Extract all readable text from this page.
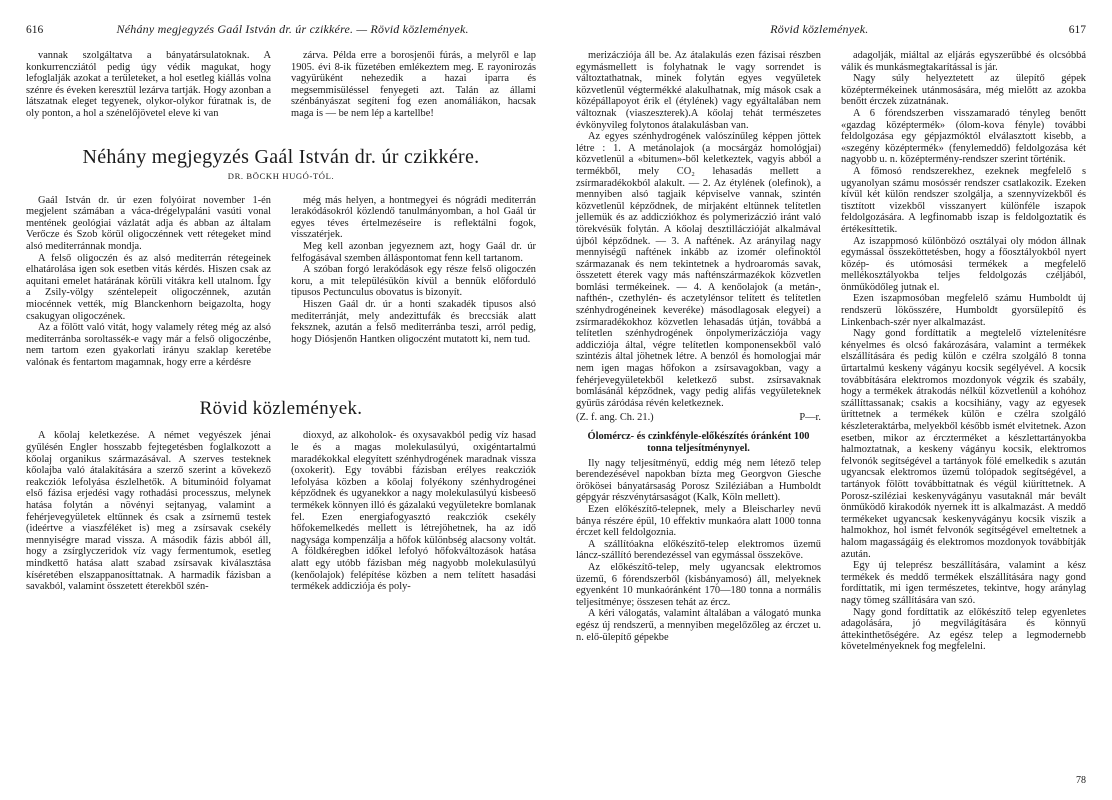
616	Néhány megjegyzés Gaál István dr. úr czikkére. — Rövid közlemények.

vannak szolgáltatva a bányatársulatoknak. A konkurrencziától pedig úgy védik magukat, hogy lefoglalják azokat a területeket, a hol esetleg kiállás volna szénre és éveken keresztül lezárva tartják. Hogy azonban a látszatnak eleget tegyenek, olykor-olykor fúratnak is, de oly ponton, a hol a szénelőjövetel eleve ki van

zárva. Példa erre a borosjenői fúrás, a melyről e lap 1905. évi 8-ik füzetében emlékeztem meg. E rayonirozás vagyürüként nehezedik a hazai iparra és megsemmisüléssel fenyegeti azt. Talán az állami szénbányászat segíteni fog ezen anomáliákon, hacsak maga is — be nem lép a kartellbe!

Néhány megjegyzés Gaál István dr. úr czikkére.
DR. BÖCKH HUGÓ-TÓL.

Gaál István dr. úr ezen folyóirat november 1-én megjelent számában a váca-drégelypaláni vasúti vonal mentének geológiai vázlatát adja és abban az általam Verőcze és Szob körül oligoczénnek vett rétegeket mind alsó mediterránnak mondja.

A felső oligoczén és az alsó mediterrán rétegeinek elhatárolása igen sok esetben vitás kérdés. Hiszen csak az aquitani emelet határának körüli vitákra kell utalnom. Így a Zsily-völgy széntelepeit oligoczénnek, azután miocénnek vették, míg Blanckenhorn beigazolta, hogy csakugyan oligoczének.

Az a fölött való vitát, hogy valamely réteg még az alsó mediterránba soroltassék-e vagy már a felső oligoczénbe, nem tartom ezen gyakorlati irányu szaklap keretébe valónak és fentartom magamnak, hogy erre a kérdésre

még más helyen, a hontmegyei és nógrádi mediterrán lerakódásokról közlendő tanulmányomban, a hol Gaál úr egyes téves értelmezéseire is reflektálni fogok, visszatérjek.

Meg kell azonban jegyeznem azt, hogy Gaál dr. úr felfogásával szemben álláspontomat fenn kell tartanom.

A szóban forgó lerakódások egy része felső oligoczén koru, a mit településükön kívül a bennük előforduló tipusos Pectunculus obovatus is bizonyít.

Hiszen Gaál dr. úr a honti szakadék tipusos alsó mediterránját, mely andezittufák és breccsiák alatt feksznek, azután a felső mediterránba teszi, arról pedig, hogy Diósjenőn Hantken oligoczént mutatott ki, nem tud.

Rövid közlemények.

A kőolaj keletkezése. A német vegyészek jénai gyűlésén Engler hosszabb fejtegetésben foglalkozott a kőolaj organikus származásával. A szerves testeknek kőolajba való átalakítására a szerző szerint a kövekező reakcziók lefolyása észlelhetők. A bituminóid folyamat első fázisa erjedési vagy rothadási processzus, melynek hatása folytán a növényi sejtanyag, valamint a fehérjevegyületek eltűnnek és csak a zsírnemű testek (ideértve a viaszféléket is) meg a zsírsavak csekély mennyiségre marad vissza. A második fázis abból áll, hogy a zsírglyczeridok víz vagy fermentumok, esetleg mindkettő hatása alatt szabad zsírsavak kiválasztása kíséretében elszappanosíttatnak. A harmadik fázisban a savakból, valamint összetett éterekből szén-

dioxyd, az alkoholok- és oxysavakból pedig víz hasad le és a magas molekulasúlyú, oxigéntartalmú maradékokkal elegyített szénhydrogének maradnak vissza (oxokerit). Egy további fázisban erélyes reakcziók lefolyása közben a kőolaj folyékony szénhydrogénei képződnek és ugyanekkor a nagy molekulasúlyú kisbeeső termékek könnyen illó és gázalakú vegyületekre bomlanak fel. Ezen energiafogyasztó reakcziók csekély hőfokemelkedés mellett is létrejöhetnek, ha az idő nagysága kompenzálja a hőfok különbség alacsony voltát. A földkéregben időkel lefolyó hőfokváltozások hatása alatt egy utóbb fázisban még nagyobb molekulasúlyú (kenőolajok) felépítése közben a nem telített hasadási termékek addicziója és poly-

Rövid közlemények.	617

merizácziója áll be. Az átalakulás ezen fázisai részben egymásmellett is folyhatnak le vagy sorrendet is változtathatnak, minek folytán egyes vegyületek közvetlenül végtermékké alakulhatnak, míg mások csak a középállapoyot érik el (étylének) vagy egyáltalában nem változnak (viaszeszterek).A kőolaj tehát természetes évkönyvileg folytonos átalakulásban van.

Az egyes szénhydrogének valószínűleg képpen jöttek létre : 1. A metánolajok (a mocsárgáz homológjai) közvetlenül a «bitumen»-ből keletkeztek, vagyis abból a termékből, mely CO₂ lehasadás mellett a zsírmaradékokból alakult. — 2. Az étylének (olefinok), a mennyiben alsó tagjaik képviselve vannak, szintén közvetlenül képződnek, de mirjaként eltünnek telítetlen jellemük és az addicziókhoz és polymerizáczió iránt való törekvésük folytán. A kőolaj desztilláczióját alkalmával újból képződnek. — 3. A naftének. Az arányilag nagy mennyiségű naftének inkább az izomér olefinoktól származanak és nem tekintetnek a hydroaromás savak, összetett éterek vagy más nafténszármazékok közvetlen bomlási termékeinek. — 4. A kenőolajok (a metán-, nafthén-, czethylén- és aczetylénsor telített és telítetlen szénhydrogéneinek keveréke) másodlagosak elegyei) a zsírmaradékokhoz közvetlen lehasadás útján, továbbá a telítetlen szénhydrogének önpolymerizácziója vagy addicziója által, végre telítetlen komponensekből való szintézis által jöhetnek létre. A benzól és homologjai már nem igen magas hőfokon a zsírsavagokban, vagy a fehérjevegyületekből keletkező subst. zsírsavaknak bomlásánál képződnek, vagy pedig alifás vegyületeknek gyürűs záródása révén keletkeznek.

(Z. f. ang. Ch. 21.)	P—r.
Ólomércz- és czinkfényle-előkészítés óránként 100 tonna teljesítménynyel.

Ily nagy teljesítményű, eddig még nem létező telep berendezésével napokban bízta meg Georgvon Giesche örökösei bányatársaság Porosz Sziléziában a Humboldt gépgyár részvénytársaságot (Kalk, Köln mellett).

Ezen előkészítő-telepnek, mely a Bleischarley nevű bánya részére épül, 10 effektiv munkaóra alatt 1000 tonna érczet kell feldolgoznia.

A szállítóakna előkészítő-telep elektromos üzemű láncz-szállító berendezéssel van egymással összeköve.

Az előkészítő-telep, mely ugyancsak elektromos üzemű, 6 fórendszerből (kisbányamosó) áll, melyeknek egyenként 10 munkaóránként 170—180 tonna a normális teljesítménye; összesen tehát az ércz.

A kéri válogatás, valamint általában a válogató munka egész új rendszerű, a mennyiben megelőzőleg az érczet u. n. elő-ülepítő gépekbe

adagolják, miáltal az eljárás egyszerűbbé és olcsóbbá válik és munkásmegtakarítással is jár.

Nagy súly helyeztetett az ülepítő gépek középtermékeinek utánmosására, még mielőtt az azokba benőtt érczek zúzatnának.

A 6 fórendszerben visszamaradó tényleg benőtt «gazdag középtermék» (ólom-kova fényle) további feldolgozása egy gépjazmóktól elválasztott kisebb, a «szegény középtermék» (fenylemeddő) feldolgozása két nagyobb u. n. középtermény-rendszer szerint történik.

A főmosó rendszerekhez, ezeknek megfelelő s ugyanolyan számu mosósзér rendszer csatlakozik. Ezeken kívül két külön rendszer szolgálja, a szennyvízekből és tisztított vizekből visszanyert különféle iszapok feldolgozására. A legfinomabb iszap is feldolgoztatik és értékesíttetik.

Az iszappmosó különbözó osztályai oly módon állnak egymással összeköttetésben, hogy a főosztályokból nyert közép- és utómosási termékek a megfelelő mellékosztályokba teljes feldolgozás czéljából, önműködőleg jutnak el.

Ezen iszapmosóban megfelelő számu Humboldt új rendszerü lökösszére, Humboldt gyorsülepítő és Linkenbach-szér nyer alkalmazást.

Nagy gond fordíttatik a megtelelő víztelenítésre kényelmes és olcsó fakározására, valamint a termékek elszállítására és pedig külön e czélra szolgáló 8 tonna űrtartalmú keskeny vágányu kocsik segélyével. A kocsik továbbítására elektromos mozdonyok végzik és szabály, hogy a termékek átrakodás nélkül közvetlenül a kohóhoz szállíttassanak; csakis a kocsihiány, vagy az egyesek üríttetnek a termékek külön e czélra szolgáló készleteraktárba, melyekből később ismét elvitetnek. Azon esetben, mikor az érczterméket a készlettartányokba halmoztatnak, a keskeny vágányu kocsik, elektromos felvonók segítségével a tartányok fölé emelkedik s azután ugyancsak elektromos üzemű tolópadok segítségével, a tartányok fölött továbbíttatnak és végül kiüríttetnek. A Porosz-sziléziai keskenyvágányu vasutaknál már bevált önműködő kirakodók nyernek itt is alkalmazást. A meddő termékeket ugyancsak keskenyvágányu kocsik viszik a halmokhoz, hol ismét felvonók segítségével emeltetnek a halom magasságáig és elektromos mozdonyok továbbítják azután.

Egy új teleprész beszállítására, valamint a kész termékek és meddő termékek elszállítására nagy gond fordíttatik, mi igen természetes, tekintve, hogy aránylag nagy tömeg szállítására van szó.

Nagy gond fordíttatik az előkészítő telep egyenletes adagolására, jó megvilágítására és könnyű áttekinthetőségére. Az egész telep a legmodernebb követelményeknek fog megfelelni.

78
